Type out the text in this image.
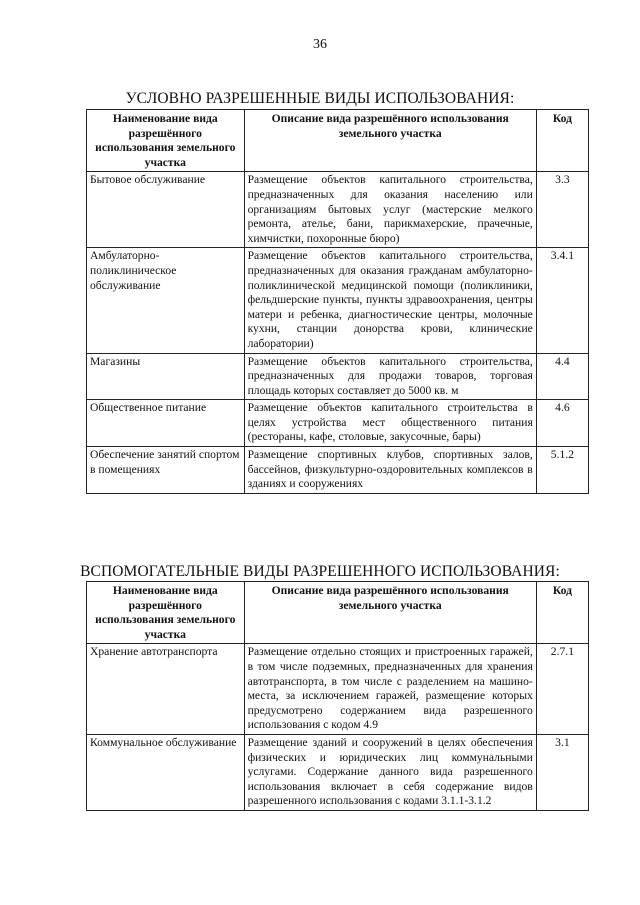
36
УСЛОВНО РАЗРЕШЕННЫЕ ВИДЫ ИСПОЛЬЗОВАНИЯ:
Наименование вида разрешённого использования земельного участка	Описание вида разрешённого использования земельного участка	Код
Бытовое обслуживание	Размещение объектов капитального строительства, предназначенных для оказания населению или организациям бытовых услуг (мастерские мелкого ремонта, ателье, бани, парикмахерские, прачечные, химчистки, похоронные бюро)	3.3
Амбулаторно-поликлиническое обслуживание	Размещение объектов капитального строительства, предназначенных для оказания гражданам амбулаторно-поликлинической медицинской помощи (поликлиники, фельдшерские пункты, пункты здравоохранения, центры матери и ребенка, диагностические центры, молочные кухни, станции донорства крови, клинические лаборатории)	3.4.1
Магазины	Размещение объектов капитального строительства, предназначенных для продажи товаров, торговая площадь которых составляет до 5000 кв. м	4.4
Общественное питание	Размещение объектов капитального строительства в целях устройства мест общественного питания (рестораны, кафе, столовые, закусочные, бары)	4.6
Обеспечение занятий спортом в помещениях	Размещение спортивных клубов, спортивных залов, бассейнов, физкультурно-оздоровительных комплексов в зданиях и сооружениях	5.1.2
ВСПОМОГАТЕЛЬНЫЕ ВИДЫ РАЗРЕШЕННОГО ИСПОЛЬЗОВАНИЯ:
Наименование вида разрешённого использования земельного участка	Описание вида разрешённого использования земельного участка	Код
Хранение автотранспорта	Размещение отдельно стоящих и пристроенных гаражей, в том числе подземных, предназначенных для хранения автотранспорта, в том числе с разделением на машино-места, за исключением гаражей, размещение которых предусмотрено содержанием вида разрешенного использования с кодом 4.9	2.7.1
Коммунальное обслуживание	Размещение зданий и сооружений в целях обеспечения физических и юридических лиц коммунальными услугами. Содержание данного вида разрешенного использования включает в себя содержание видов разрешенного использования с кодами 3.1.1-3.1.2	3.1
